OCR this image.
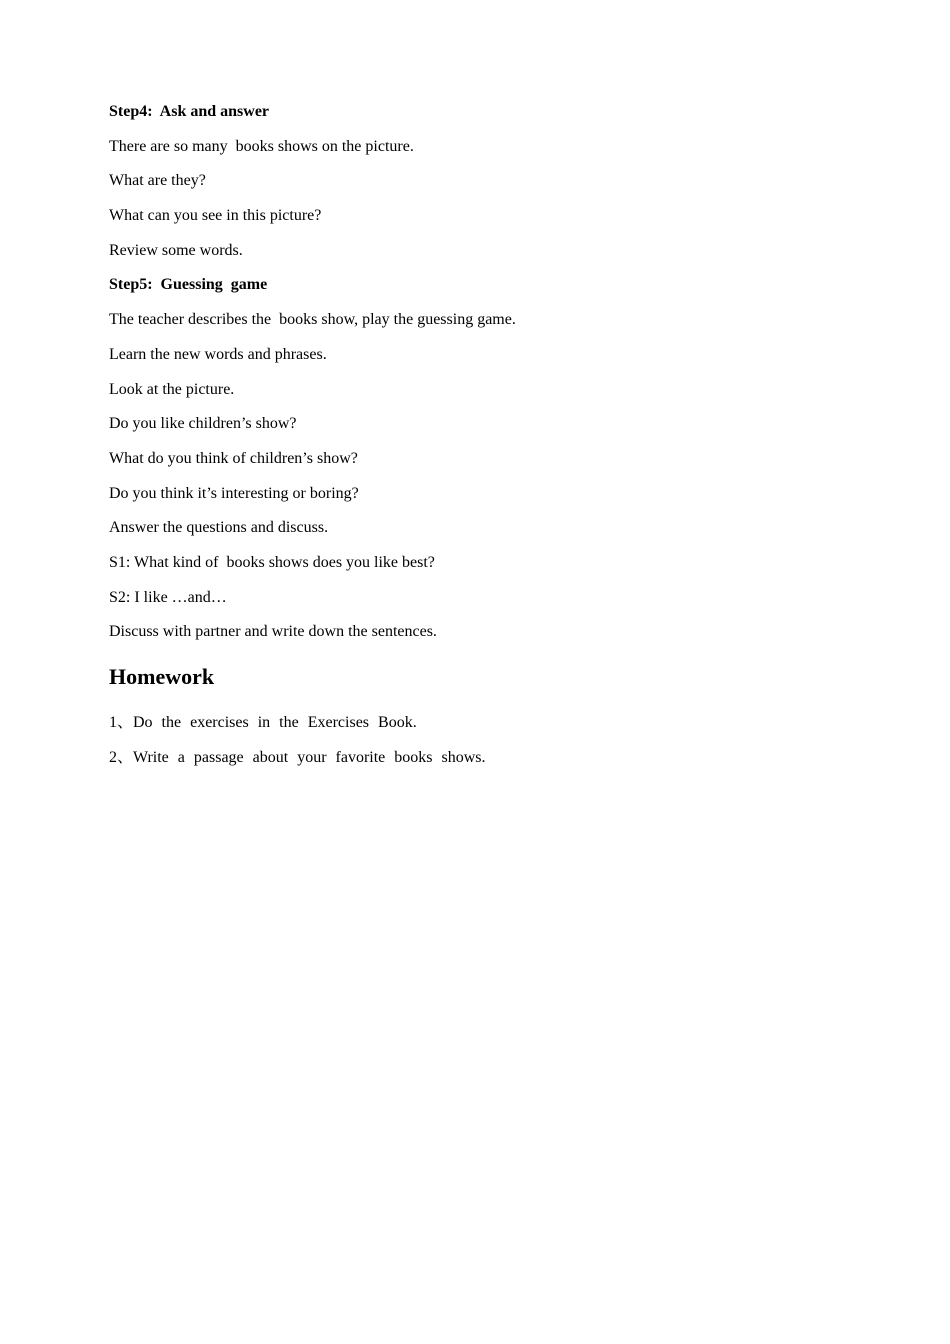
Step4:  Ask and answer
There are so many  books shows on the picture.
What are they?
What can you see in this picture?
Review some words.
Step5:  Guessing  game
The teacher describes the  books show, play the guessing game.
Learn the new words and phrases.
Look at the picture.
Do you like children’s show?
What do you think of children’s show?
Do you think it’s interesting or boring?
Answer the questions and discuss.
S1: What kind of  books shows does you like best?
S2: I like …and…
Discuss with partner and write down the sentences.
Homework
1、Do the exercises in the Exercises Book.
2、Write a passage about your favorite books shows.
